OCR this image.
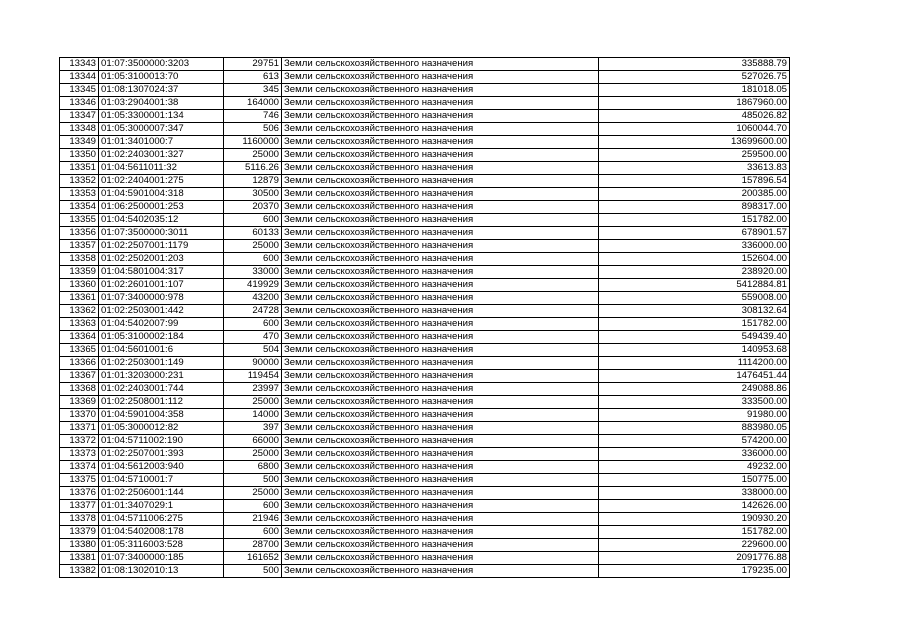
13343	01:07:3500000:3203	29751	Земли сельскохозяйственного назначения	335888.79
13344	01:05:3100013:70	613	Земли сельскохозяйственного назначения	527026.75
13345	01:08:1307024:37	345	Земли сельскохозяйственного назначения	181018.05
13346	01:03:2904001:38	164000	Земли сельскохозяйственного назначения	1867960.00
13347	01:05:3300001:134	746	Земли сельскохозяйственного назначения	485026.82
13348	01:05:3000007:347	506	Земли сельскохозяйственного назначения	1060044.70
13349	01:01:3401000:7	1160000	Земли сельскохозяйственного назначения	13699600.00
13350	01:02:2403001:327	25000	Земли сельскохозяйственного назначения	259500.00
13351	01:04:5611011:32	5116.26	Земли сельскохозяйственного назначения	33613.83
13352	01:02:2404001:275	12879	Земли сельскохозяйственного назначения	157896.54
13353	01:04:5901004:318	30500	Земли сельскохозяйственного назначения	200385.00
13354	01:06:2500001:253	20370	Земли сельскохозяйственного назначения	898317.00
13355	01:04:5402035:12	600	Земли сельскохозяйственного назначения	151782.00
13356	01:07:3500000:3011	60133	Земли сельскохозяйственного назначения	678901.57
13357	01:02:2507001:1179	25000	Земли сельскохозяйственного назначения	336000.00
13358	01:02:2502001:203	600	Земли сельскохозяйственного назначения	152604.00
13359	01:04:5801004:317	33000	Земли сельскохозяйственного назначения	238920.00
13360	01:02:2601001:107	419929	Земли сельскохозяйственного назначения	5412884.81
13361	01:07:3400000:978	43200	Земли сельскохозяйственного назначения	559008.00
13362	01:02:2503001:442	24728	Земли сельскохозяйственного назначения	308132.64
13363	01:04:5402007:99	600	Земли сельскохозяйственного назначения	151782.00
13364	01:05:3100002:184	470	Земли сельскохозяйственного назначения	549439.40
13365	01:04:5601001:6	504	Земли сельскохозяйственного назначения	140953.68
13366	01:02:2503001:149	90000	Земли сельскохозяйственного назначения	1114200.00
13367	01:01:3203000:231	119454	Земли сельскохозяйственного назначения	1476451.44
13368	01:02:2403001:744	23997	Земли сельскохозяйственного назначения	249088.86
13369	01:02:2508001:112	25000	Земли сельскохозяйственного назначения	333500.00
13370	01:04:5901004:358	14000	Земли сельскохозяйственного назначения	91980.00
13371	01:05:3000012:82	397	Земли сельскохозяйственного назначения	883980.05
13372	01:04:5711002:190	66000	Земли сельскохозяйственного назначения	574200.00
13373	01:02:2507001:393	25000	Земли сельскохозяйственного назначения	336000.00
13374	01:04:5612003:940	6800	Земли сельскохозяйственного назначения	49232.00
13375	01:04:5710001:7	500	Земли сельскохозяйственного назначения	150775.00
13376	01:02:2506001:144	25000	Земли сельскохозяйственного назначения	338000.00
13377	01:01:3407029:1	600	Земли сельскохозяйственного назначения	142626.00
13378	01:04:5711006:275	21946	Земли сельскохозяйственного назначения	190930.20
13379	01:04:5402008:178	600	Земли сельскохозяйственного назначения	151782.00
13380	01:05:3116003:528	28700	Земли сельскохозяйственного назначения	229600.00
13381	01:07:3400000:185	161652	Земли сельскохозяйственного назначения	2091776.88
13382	01:08:1302010:13	500	Земли сельскохозяйственного назначения	179235.00
